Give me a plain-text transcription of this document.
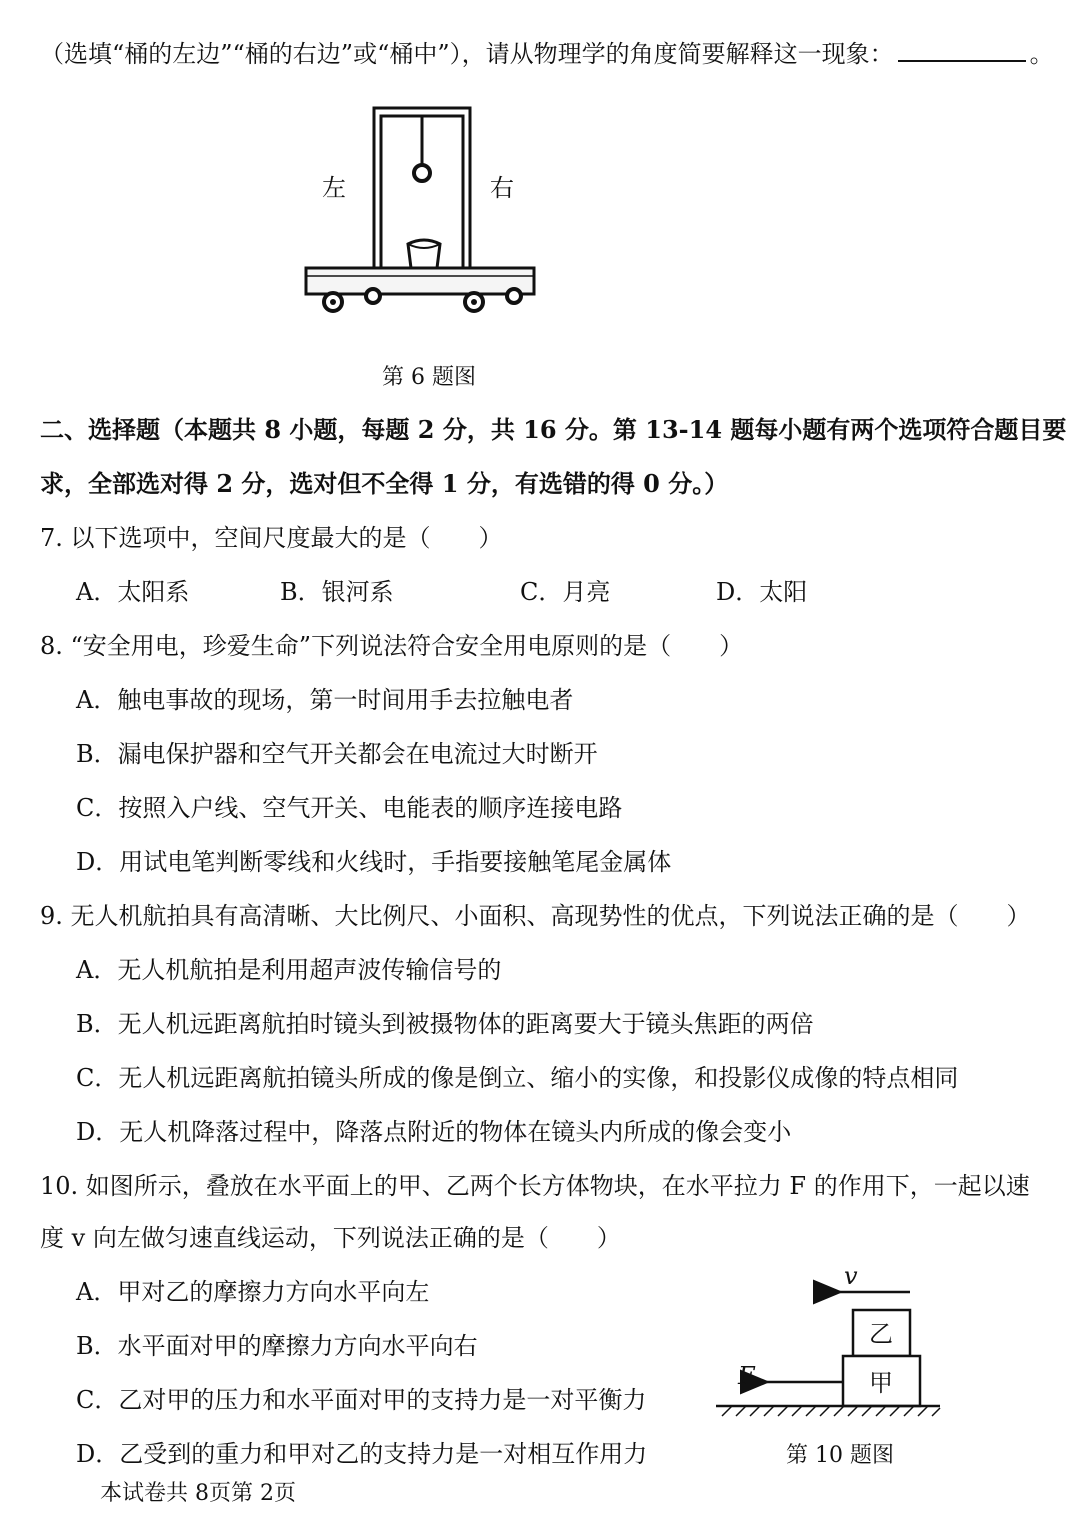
（选填“桶的左边”“桶的右边”或“桶中”），请从物理学的角度简要解释这一现象：	。
左	右
第 6 题图
二、选择题（本题共 8 小题，每题 2 分，共 16 分。第 13-14 题每小题有两个选项符合题目要
求，全部选对得 2 分，选对但不全得 1 分，有选错的得 0 分。）
7. 以下选项中，空间尺度最大的是（　　）
A．太阳系	B．银河系	C．月亮	D．太阳
8. “安全用电，珍爱生命”下列说法符合安全用电原则的是（　　）
A．触电事故的现场，第一时间用手去拉触电者
B．漏电保护器和空气开关都会在电流过大时断开
C．按照入户线、空气开关、电能表的顺序连接电路
D．用试电笔判断零线和火线时，手指要接触笔尾金属体
9. 无人机航拍具有高清晰、大比例尺、小面积、高现势性的优点，下列说法正确的是（　　）
A．无人机航拍是利用超声波传输信号的
B．无人机远距离航拍时镜头到被摄物体的距离要大于镜头焦距的两倍
C．无人机远距离航拍镜头所成的像是倒立、缩小的实像，和投影仪成像的特点相同
D．无人机降落过程中，降落点附近的物体在镜头内所成的像会变小
10. 如图所示，叠放在水平面上的甲、乙两个长方体物块，在水平拉力 F 的作用下，一起以速
度 v 向左做匀速直线运动，下列说法正确的是（　　）
A．甲对乙的摩擦力方向水平向左
B．水平面对甲的摩擦力方向水平向右
C．乙对甲的压力和水平面对甲的支持力是一对平衡力
D．乙受到的重力和甲对乙的支持力是一对相互作用力
v
乙
甲
F
第 10 题图
本试卷共 8页第 2页
